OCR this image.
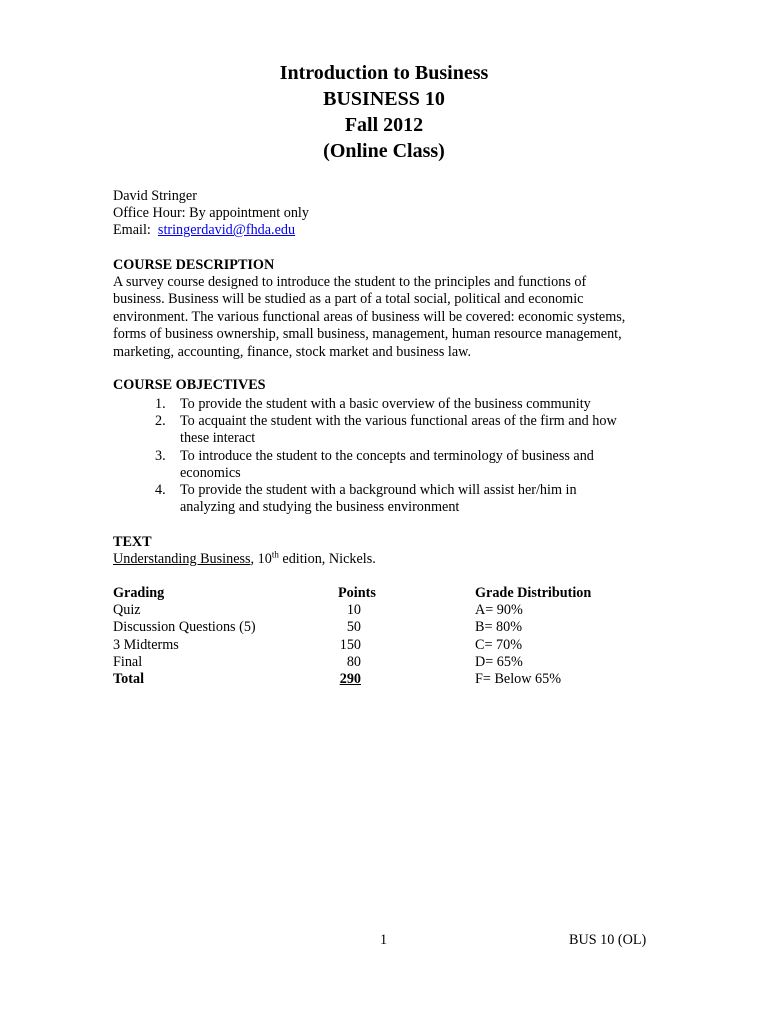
Introduction to Business
BUSINESS 10
Fall 2012
(Online Class)
David Stringer
Office Hour: By appointment only
Email: stringerdavid@fhda.edu
COURSE DESCRIPTION
A survey course designed to introduce the student to the principles and functions of
business. Business will be studied as a part of a total social, political and economic
environment. The various functional areas of business will be covered: economic systems,
forms of business ownership, small business, management, human resource management,
marketing, accounting, finance, stock market and business law.
COURSE OBJECTIVES
1.	To provide the student with a basic overview of the business community
2.	To acquaint the student with the various functional areas of the firm and how
these interact
3.	To introduce the student to the concepts and terminology of business and
economics
4.	To provide the student with a background which will assist her/him in
analyzing and studying the business environment
TEXT
Understanding Business, 10th edition, Nickels.
Grading	Points	Grade Distribution
Quiz	10	A= 90%
Discussion Questions (5)	50	B= 80%
3 Midterms	150	C= 70%
Final	80	D= 65%
Total	290	F= Below 65%
1	BUS 10 (OL)
